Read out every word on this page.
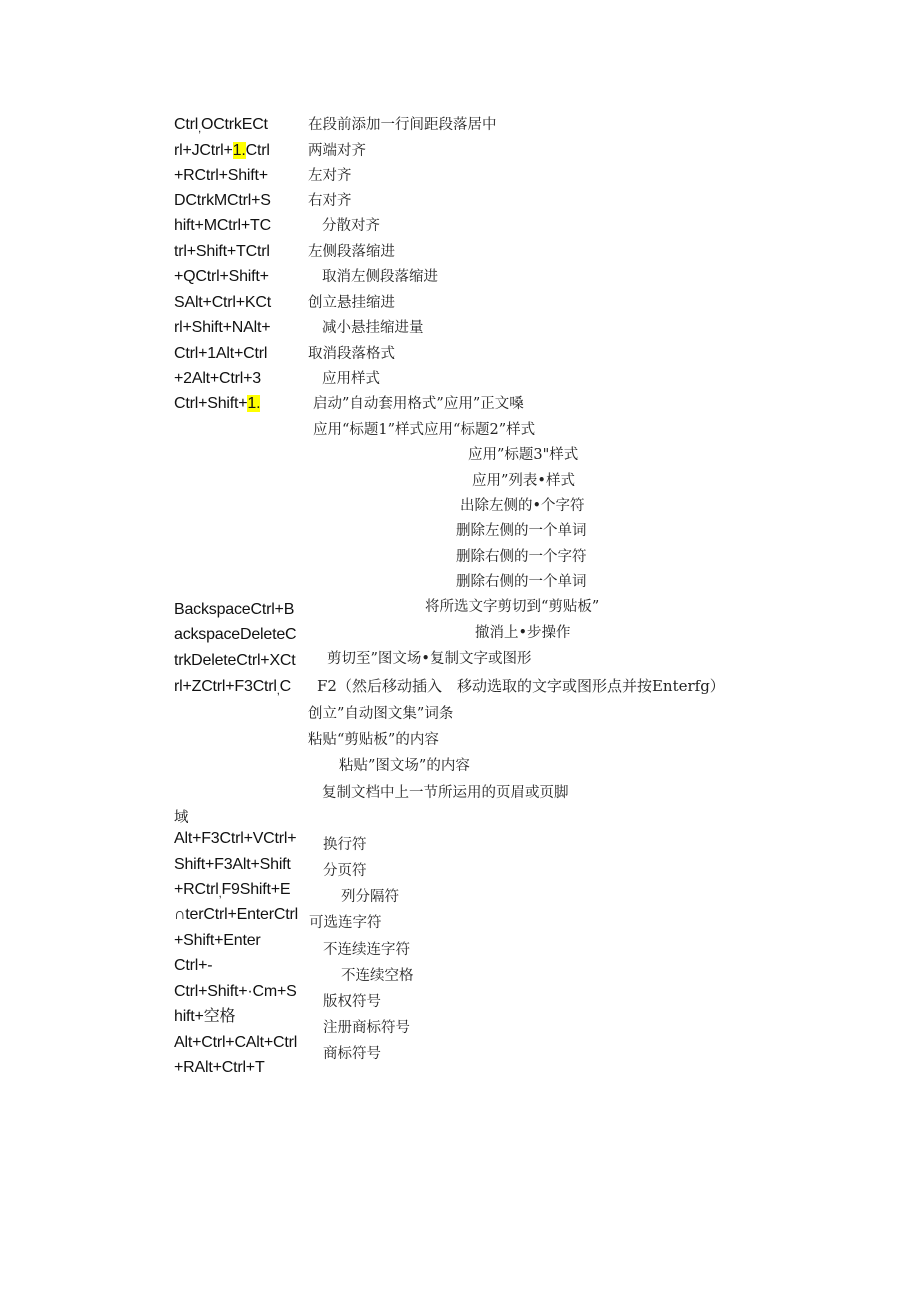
Ctrl,OCtrkECt
rl+JCtrl+1.Ctrl
+RCtrl+Shift+
DCtrkMCtrl+S
hift+MCtrl+TC
trl+Shift+TCtrl
+QCtrl+Shift+
SAlt+Ctrl+KCt
rl+Shift+NAlt+
Ctrl+1Alt+Ctrl
+2Alt+Ctrl+3
Ctrl+Shift+1.
BackspaceCtrl+B
ackspaceDeleteC
trkDeleteCtrl+XCt
rl+ZCtrl+F3Ctrl,C
域
Alt+F3Ctrl+VCtrl+
Shift+F3Alt+Shift
+RCtrl,F9Shift+E
∩terCtrl+EnterCtrl
+Shift+Enter
Ctrl+-
Ctrl+Shift+·Cm+S
hift+空格
Alt+Ctrl+CAlt+Ctrl
+RAlt+Ctrl+T
在段前添加一行间距段落居中
两端对齐
左对齐
右对齐
分散对齐
左侧段落缩进
取消左侧段落缩进
创立悬挂缩进
减小悬挂缩进量
取消段落格式
应用样式
启动”自动套用格式”应用”正文嗓
应用“标题1”样式应用“标题2”样式
应用”标题3"样式
应用”列表•样式
出除左侧的•个字符
删除左侧的一个单词
删除右侧的一个字符
删除右侧的一个单词
将所选文字剪切到“剪贴板”
撤消上•步操作
剪切至”图文场•复制文字或图形
F2（然后移动插入　移动选取的文字或图形点并按Enterfg）
创立”自动图文集”词条
粘贴“剪贴板”的内容
粘贴”图文场”的内容
复制文档中上一节所运用的页眉或页脚
换行符
分页符
列分隔符
可选连字符
不连续连字符
不连续空格
版权符号
注册商标符号
商标符号
